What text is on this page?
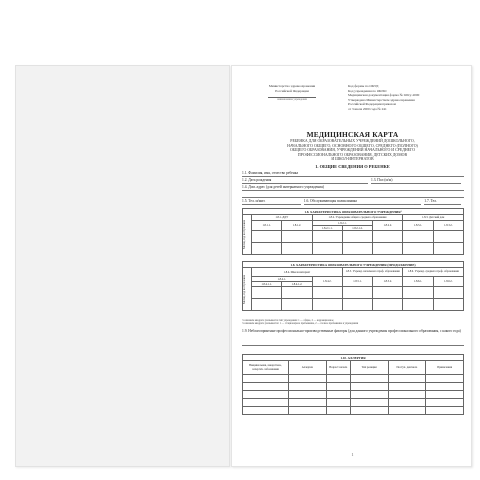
Министерство здравоохранения
Российской Федерации
наименование учреждения
Код формы по ОКУД
Код учреждения по ОКПО
Медицинская документация форма № 026/у-2000
Утверждена Министерством здравоохранения
Российской Федерации приказом
от 3 июля 2000 года № 241
МЕДИЦИНСКАЯ КАРТА
РЕБЕНКА ДЛЯ ОБРАЗОВАТЕЛЬНЫХ УЧРЕЖДЕНИЙ ДОШКОЛЬНОГО,
НАЧАЛЬНОГО ОБЩЕГО, ОСНОВНОГО ОБЩЕГО, СРЕДНЕГО (ПОЛНОГО)
ОБЩЕГО ОБРАЗОВАНИЯ, УЧРЕЖДЕНИЙ НАЧАЛЬНОГО И СРЕДНЕГО
ПРОФЕССИОНАЛЬНОГО ОБРАЗОВАНИЯ, ДЕТСКИХ ДОМОВ
И ШКОЛ-ИНТЕРНАТОВ
1. ОБЩИЕ СВЕДЕНИЯ О РЕБЕНКЕ
1.1. Фамилия, имя, отчество ребенка
1.2. Дата рождения	1.3. Пол (м/ж)
1.4. Дом. адрес (для детей интернатного учреждения)
1.5. Тел. м/жит.	1.6. Обслуживающая поликлиника	1.7. Тел.
1.8. ХАРАКТЕРИСТИКА ОБРАЗОВАТЕЛЬНОГО УЧРЕЖДЕНИЯ¹							

Месяц, год поступления	1.8.1. ДДУ		1.8.2. Учреждение общего среднего образования			1.8.3. Детский дом	
	1.8.1.1.	1.8.1.2.	1.8.2.1.		1.8.2.2.	1.8.3.1.	1.8.3.2.
			1.8.2.1.1.	1.8.2.1.2.			

1.8. ХАРАКТЕРИСТИКА ОБРАЗОВАТЕЛЬНОГО УЧРЕЖДЕНИЯ (ПРОДОЛЖЕНИЕ)							

Месяц, год поступления	1.8.4. Школа интернат			1.8.5. Учрежд. начального проф. образования		1.8.6. Учрежд. среднего проф. образования	
	1.8.4.1.		1.8.4.2.	1.8.5.1.	1.8.5.2.	1.8.6.1.	1.8.6.2.
	1.8.4.1.1.	1.8.4.1.2.					

¹ в нижнем квадрате указывается тип учреждения: 1 — общее, 2 — коррекционное
² в нижнем квадрате указывается: 1 — стационарное пребывание, 2 — полное пребывание в учреждении
1.9. Неблагоприятные профессионально-производственные факторы (для данного учреждения профессионального образования, с какого года)
1.10. АЛЛЕРГИЯ					
Вакцинальная, лекарствен., аллергич. заболевания	Аллерген	Возраст начала	Тип реакции	Поступ. диагноза	Примечания

1
